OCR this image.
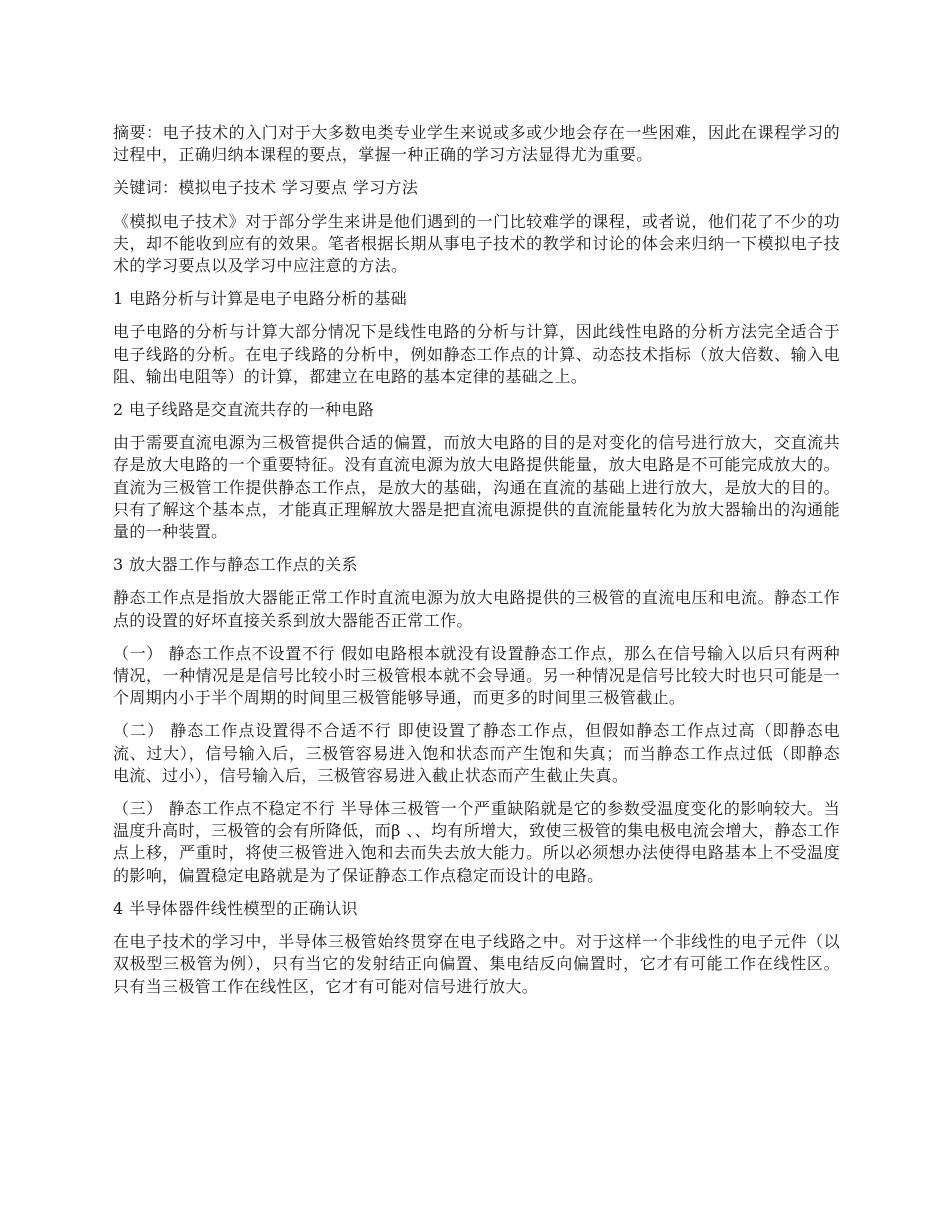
摘要：电子技术的入门对于大多数电类专业学生来说或多或少地会存在一些困难，因此在课程学习的过程中，正确归纳本课程的要点，掌握一种正确的学习方法显得尤为重要。

关键词：模拟电子技术 学习要点 学习方法

《模拟电子技术》对于部分学生来讲是他们遇到的一门比较难学的课程，或者说，他们花了不少的功夫，却不能收到应有的效果。笔者根据长期从事电子技术的教学和讨论的体会来归纳一下模拟电子技术的学习要点以及学习中应注意的方法。

1 电路分析与计算是电子电路分析的基础

电子电路的分析与计算大部分情况下是线性电路的分析与计算，因此线性电路的分析方法完全适合于电子线路的分析。在电子线路的分析中，例如静态工作点的计算、动态技术指标（放大倍数、输入电阻、输出电阻等）的计算，都建立在电路的基本定律的基础之上。

2 电子线路是交直流共存的一种电路

由于需要直流电源为三极管提供合适的偏置，而放大电路的目的是对变化的信号进行放大，交直流共存是放大电路的一个重要特征。没有直流电源为放大电路提供能量，放大电路是不可能完成放大的。直流为三极管工作提供静态工作点，是放大的基础，沟通在直流的基础上进行放大，是放大的目的。只有了解这个基本点，才能真正理解放大器是把直流电源提供的直流能量转化为放大器输出的沟通能量的一种装置。

3 放大器工作与静态工作点的关系

静态工作点是指放大器能正常工作时直流电源为放大电路提供的三极管的直流电压和电流。静态工作点的设置的好坏直接关系到放大器能否正常工作。

（一） 静态工作点不设置不行 假如电路根本就没有设置静态工作点，那么在信号输入以后只有两种情况，一种情况是是信号比较小时三极管根本就不会导通。另一种情况是信号比较大时也只可能是一个周期内小于半个周期的时间里三极管能够导通，而更多的时间里三极管截止。

（二） 静态工作点设置得不合适不行 即使设置了静态工作点，但假如静态工作点过高（即静态电流、过大），信号输入后，三极管容易进入饱和状态而产生饱和失真；而当静态工作点过低（即静态电流、过小），信号输入后，三极管容易进入截止状态而产生截止失真。

（三） 静态工作点不稳定不行 半导体三极管一个严重缺陷就是它的参数受温度变化的影响较大。当温度升高时，三极管的会有所降低，而β 、、均有所增大，致使三极管的集电极电流会增大，静态工作点上移，严重时，将使三极管进入饱和去而失去放大能力。所以必须想办法使得电路基本上不受温度的影响，偏置稳定电路就是为了保证静态工作点稳定而设计的电路。

4 半导体器件线性模型的正确认识

在电子技术的学习中，半导体三极管始终贯穿在电子线路之中。对于这样一个非线性的电子元件（以双极型三极管为例），只有当它的发射结正向偏置、集电结反向偏置时，它才有可能工作在线性区。只有当三极管工作在线性区，它才有可能对信号进行放大。
